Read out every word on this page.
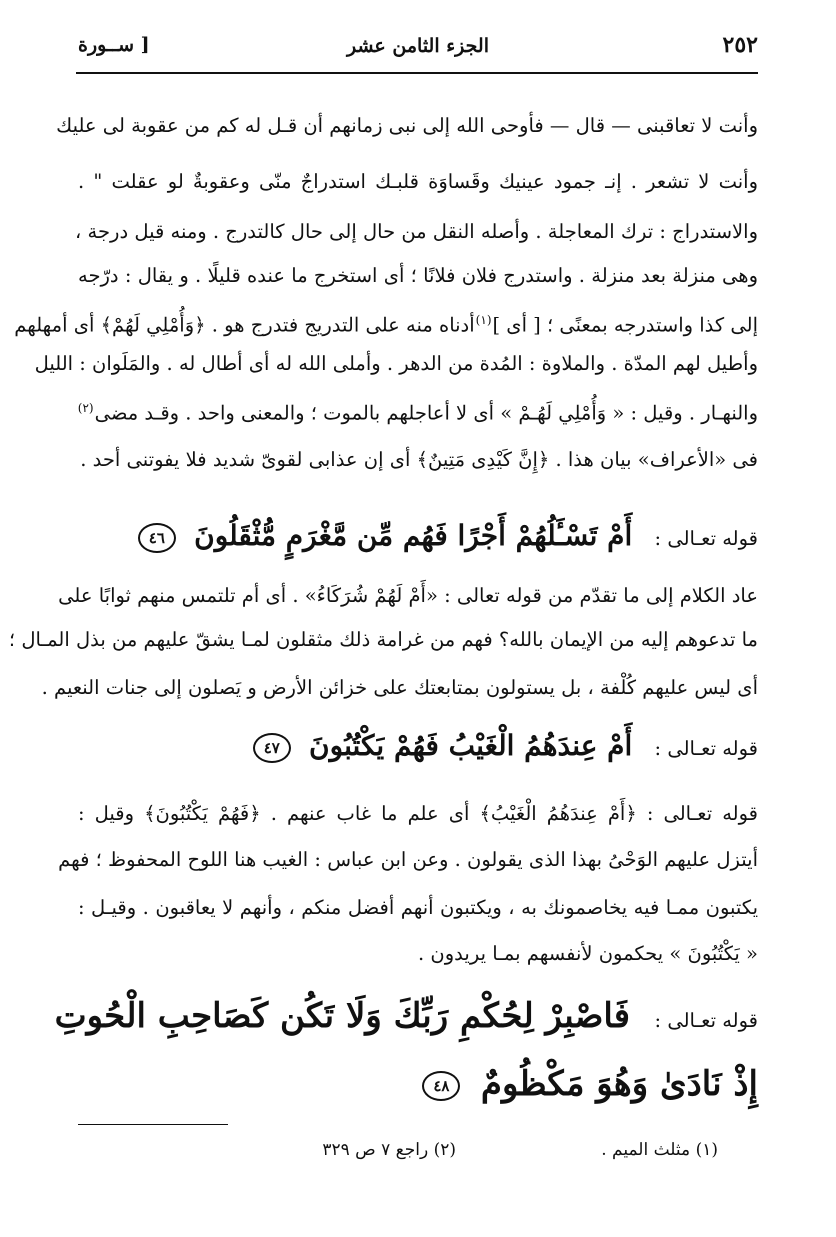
٢٥٢
الجزء الثامن عشر
[ ســورة
وأنت لا تعاقبنى — قال — فأوحى الله إلى نبى زمانهم أن قـل له كم من عقوبة لى عليك
وأنت لا تشعر . إنـ جمود عينيك وقَساوَة قلبـك استدراجٌ منّى وعقوبةٌ لو عقلت " .
والاستدراج : ترك المعاجلة . وأصله النقل من حال إلى حال كالتدرج . ومنه قيل درجة ،
وهى منزلة بعد منزلة . واستدرج فلان فلانًا ؛ أى استخرج ما عنده قليلًا . و يقال : درّجه
إلى كذا واستدرجه بمعنًى ؛ [ أى ](١)أدناه منه على التدريج فتدرج هو . ﴿وَأُمْلِي لَهُمْ﴾ أى أمهلهم
وأطيل لهم المدّة . والملاوة : المُدة من الدهر . وأملى الله له أى أطال له . والمَلَوان : الليل
والنهـار . وقيل : « وَأُمْلِي لَهُـمْ » أى لا أعاجلهم بالموت ؛ والمعنى واحد . وقـد مضى(٢)
فى «الأعراف» بيان هذا . ﴿إِنَّ كَيْدِى مَتِينٌ﴾ أى إن عذابى لقوىّ شديد فلا يفوتنى أحد .
قوله تعـالى : أَمْ تَسْـَٔلُهُمْ أَجْرًا فَهُم مِّن مَّغْرَمٍ مُّثْقَلُونَ ٤٦
عاد الكلام إلى ما تقدّم من قوله تعالى : «أَمْ لَهُمْ شُرَكَاءُ» . أى أم تلتمس منهم ثوابًا على
ما تدعوهم إليه من الإيمان بالله؟ فهم من غرامة ذلك مثقلون لمـا يشقّ عليهم من بذل المـال ؛
أى ليس عليهم كُلْفة ، بل يستولون بمتابعتك على خزائن الأرض و يَصلون إلى جنات النعيم .
قوله تعـالى : أَمْ عِندَهُمُ الْغَيْبُ فَهُمْ يَكْتُبُونَ ٤٧
قوله تعـالى : ﴿أَمْ عِندَهُمُ الْغَيْبُ﴾ أى علم ما غاب عنهم . ﴿فَهُمْ يَكْتُبُونَ﴾ وقيل :
أيتزل عليهم الوَحْىُ بهذا الذى يقولون . وعن ابن عباس : الغيب هنا اللوح المحفوظ ؛ فهم
يكتبون ممـا فيه يخاصمونك به ، ويكتبون أنهم أفضل منكم ، وأنهم لا يعاقبون . وقيـل :
« يَكْتُبُونَ » يحكمون لأنفسهم بمـا يريدون .
قوله تعـالى : فَاصْبِرْ لِحُكْمِ رَبِّكَ وَلَا تَكُن كَصَاحِبِ الْحُوتِ
إِذْ نَادَىٰ وَهُوَ مَكْظُومٌ ٤٨
(١) مثلث الميم .
(٢) راجع ٧ ص ٣٢٩
